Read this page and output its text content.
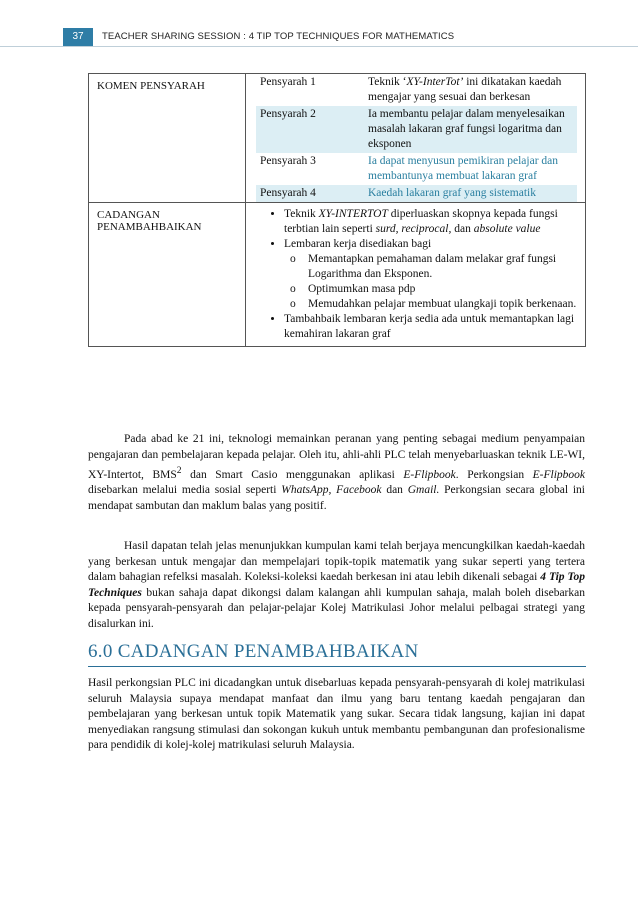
37	TEACHER SHARING SESSION : 4 TIP TOP TECHNIQUES FOR MATHEMATICS
KOMEN PENSYARAH		Pensyarah 1	Teknik ‘XY-InterTot’ ini dikatakan kaedah mengajar yang sesuai dan berkesan
Pensyarah 2	Ia membantu pelajar dalam menyelesaikan masalah lakaran graf fungsi logaritma dan eksponen
Pensyarah 3	Ia dapat menyusun pemikiran pelajar dan membantunya membuat lakaran graf
Pensyarah 4	Kaedah lakaran graf yang sistematik

CADANGAN
PENAMBAHBAIKAN

• Teknik XY-INTERTOT diperluaskan skopnya kepada fungsi terbtian lain seperti surd, reciprocal, dan absolute value
• Lembaran kerja disediakan bagi
o Memantapkan pemahaman dalam melakar graf fungsi Logarithma dan Eksponen.
o Optimumkan masa pdp
o Memudahkan pelajar membuat ulangkaji topik berkenaan.
• Tambahbaik lembaran kerja sedia ada untuk memantapkan lagi kemahiran lakaran graf
Pada abad ke 21 ini, teknologi memainkan peranan yang penting sebagai medium penyampaian pengajaran dan pembelajaran kepada pelajar. Oleh itu, ahli-ahli PLC telah menyebarluaskan teknik LE-WI, XY-Intertot, BMS$^2$ dan Smart Casio menggunakan aplikasi E-Flipbook. Perkongsian E-Flipbook disebarkan melalui media sosial seperti WhatsApp, Facebook dan Gmail. Perkongsian secara global ini mendapat sambutan dan maklum balas yang positif.
Hasil dapatan telah jelas menunjukkan kumpulan kami telah berjaya mencungkilkan kaedah-kaedah yang berkesan untuk mengajar dan mempelajari topik-topik matematik yang sukar seperti yang tertera dalam bahagian refelksi masalah. Koleksi-koleksi kaedah berkesan ini atau lebih dikenali sebagai 4 Tip Top Techniques bukan sahaja dapat dikongsi dalam kalangan ahli kumpulan sahaja, malah boleh disebarkan kepada pensyarah-pensyarah dan pelajar-pelajar Kolej Matrikulasi Johor melalui pelbagai strategi yang disalurkan ini.
6.0 CADANGAN PENAMBAHBAIKAN
Hasil perkongsian PLC ini dicadangkan untuk disebarluas kepada pensyarah-pensyarah di kolej matrikulasi seluruh Malaysia supaya mendapat manfaat dan ilmu yang baru tentang kaedah pengajaran dan pembelajaran yang berkesan untuk topik Matematik yang sukar. Secara tidak langsung, kajian ini dapat menyediakan rangsung stimulasi dan sokongan kukuh untuk membantu pembangunan dan profesionalisme para pendidik di kolej-kolej matrikulasi seluruh Malaysia.
